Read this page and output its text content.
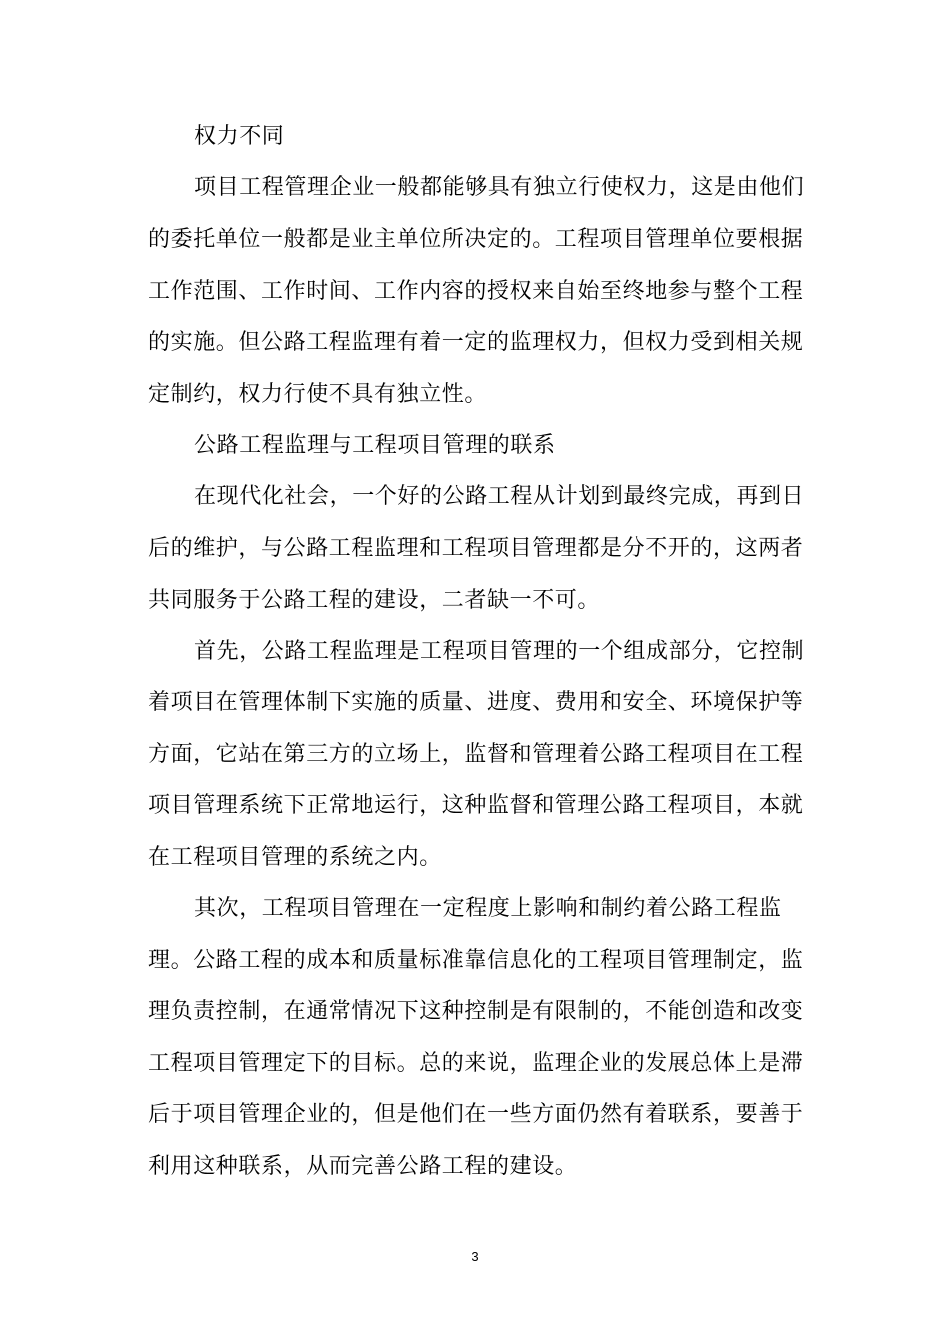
权力不同
项目工程管理企业一般都能够具有独立行使权力，这是由他们
的委托单位一般都是业主单位所决定的。工程项目管理单位要根据
工作范围、工作时间、工作内容的授权来自始至终地参与整个工程
的实施。但公路工程监理有着一定的监理权力，但权力受到相关规
定制约，权力行使不具有独立性。
公路工程监理与工程项目管理的联系
在现代化社会，一个好的公路工程从计划到最终完成，再到日
后的维护，与公路工程监理和工程项目管理都是分不开的，这两者
共同服务于公路工程的建设，二者缺一不可。
首先，公路工程监理是工程项目管理的一个组成部分，它控制
着项目在管理体制下实施的质量、进度、费用和安全、环境保护等
方面，它站在第三方的立场上，监督和管理着公路工程项目在工程
项目管理系统下正常地运行，这种监督和管理公路工程项目，本就
在工程项目管理的系统之内。
其次，工程项目管理在一定程度上影响和制约着公路工程监
理。公路工程的成本和质量标准靠信息化的工程项目管理制定，监
理负责控制，在通常情况下这种控制是有限制的，不能创造和改变
工程项目管理定下的目标。总的来说，监理企业的发展总体上是滞
后于项目管理企业的，但是他们在一些方面仍然有着联系，要善于
利用这种联系，从而完善公路工程的建设。
3
